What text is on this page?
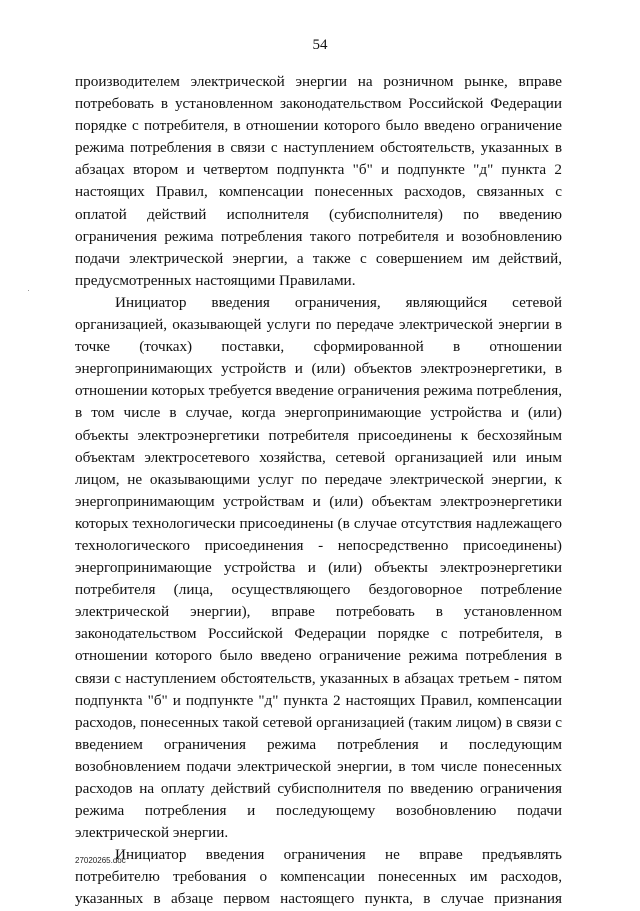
54

производителем электрической энергии на розничном рынке, вправе
потребовать в установленном законодательством Российской Федерации
порядке с потребителя, в отношении которого было введено ограничение
режима потребления в связи с наступлением обстоятельств, указанных в
абзацах втором и четвертом подпункта "б" и подпункте "д" пункта 2
настоящих Правил, компенсации понесенных расходов, связанных с
оплатой действий исполнителя (субисполнителя) по введению
ограничения режима потребления такого потребителя и возобновлению
подачи электрической энергии, а также с совершением им действий,
предусмотренных настоящими Правилами.

Инициатор введения ограничения, являющийся сетевой
организацией, оказывающей услуги по передаче электрической энергии в
точке (точках) поставки, сформированной в отношении
энергопринимающих устройств и (или) объектов электроэнергетики, в
отношении которых требуется введение ограничения режима потребления,
в том числе в случае, когда энергопринимающие устройства и (или)
объекты электроэнергетики потребителя присоединены к бесхозяйным
объектам электросетевого хозяйства, сетевой организацией или иным
лицом, не оказывающими услуг по передаче электрической энергии, к
энергопринимающим устройствам и (или) объектам электроэнергетики
которых технологически присоединены (в случае отсутствия надлежащего
технологического присоединения - непосредственно присоединены)
энергопринимающие устройства и (или) объекты электроэнергетики
потребителя (лица, осуществляющего бездоговорное потребление
электрической энергии), вправе потребовать в установленном
законодательством Российской Федерации порядке с потребителя, в
отношении которого было введено ограничение режима потребления в
связи с наступлением обстоятельств, указанных в абзацах третьем - пятом
подпункта "б" и подпункте "д" пункта 2 настоящих Правил, компенсации
расходов, понесенных такой сетевой организацией (таким лицом) в связи с
введением ограничения режима потребления и последующим
возобновлением подачи электрической энергии, в том числе понесенных
расходов на оплату действий субисполнителя по введению ограничения
режима потребления и последующему возобновлению подачи
электрической энергии.

Инициатор введения ограничения не вправе предъявлять
потребителю требования о компенсации понесенных им расходов,
указанных в абзаце первом настоящего пункта, в случае признания

27020265.doc
